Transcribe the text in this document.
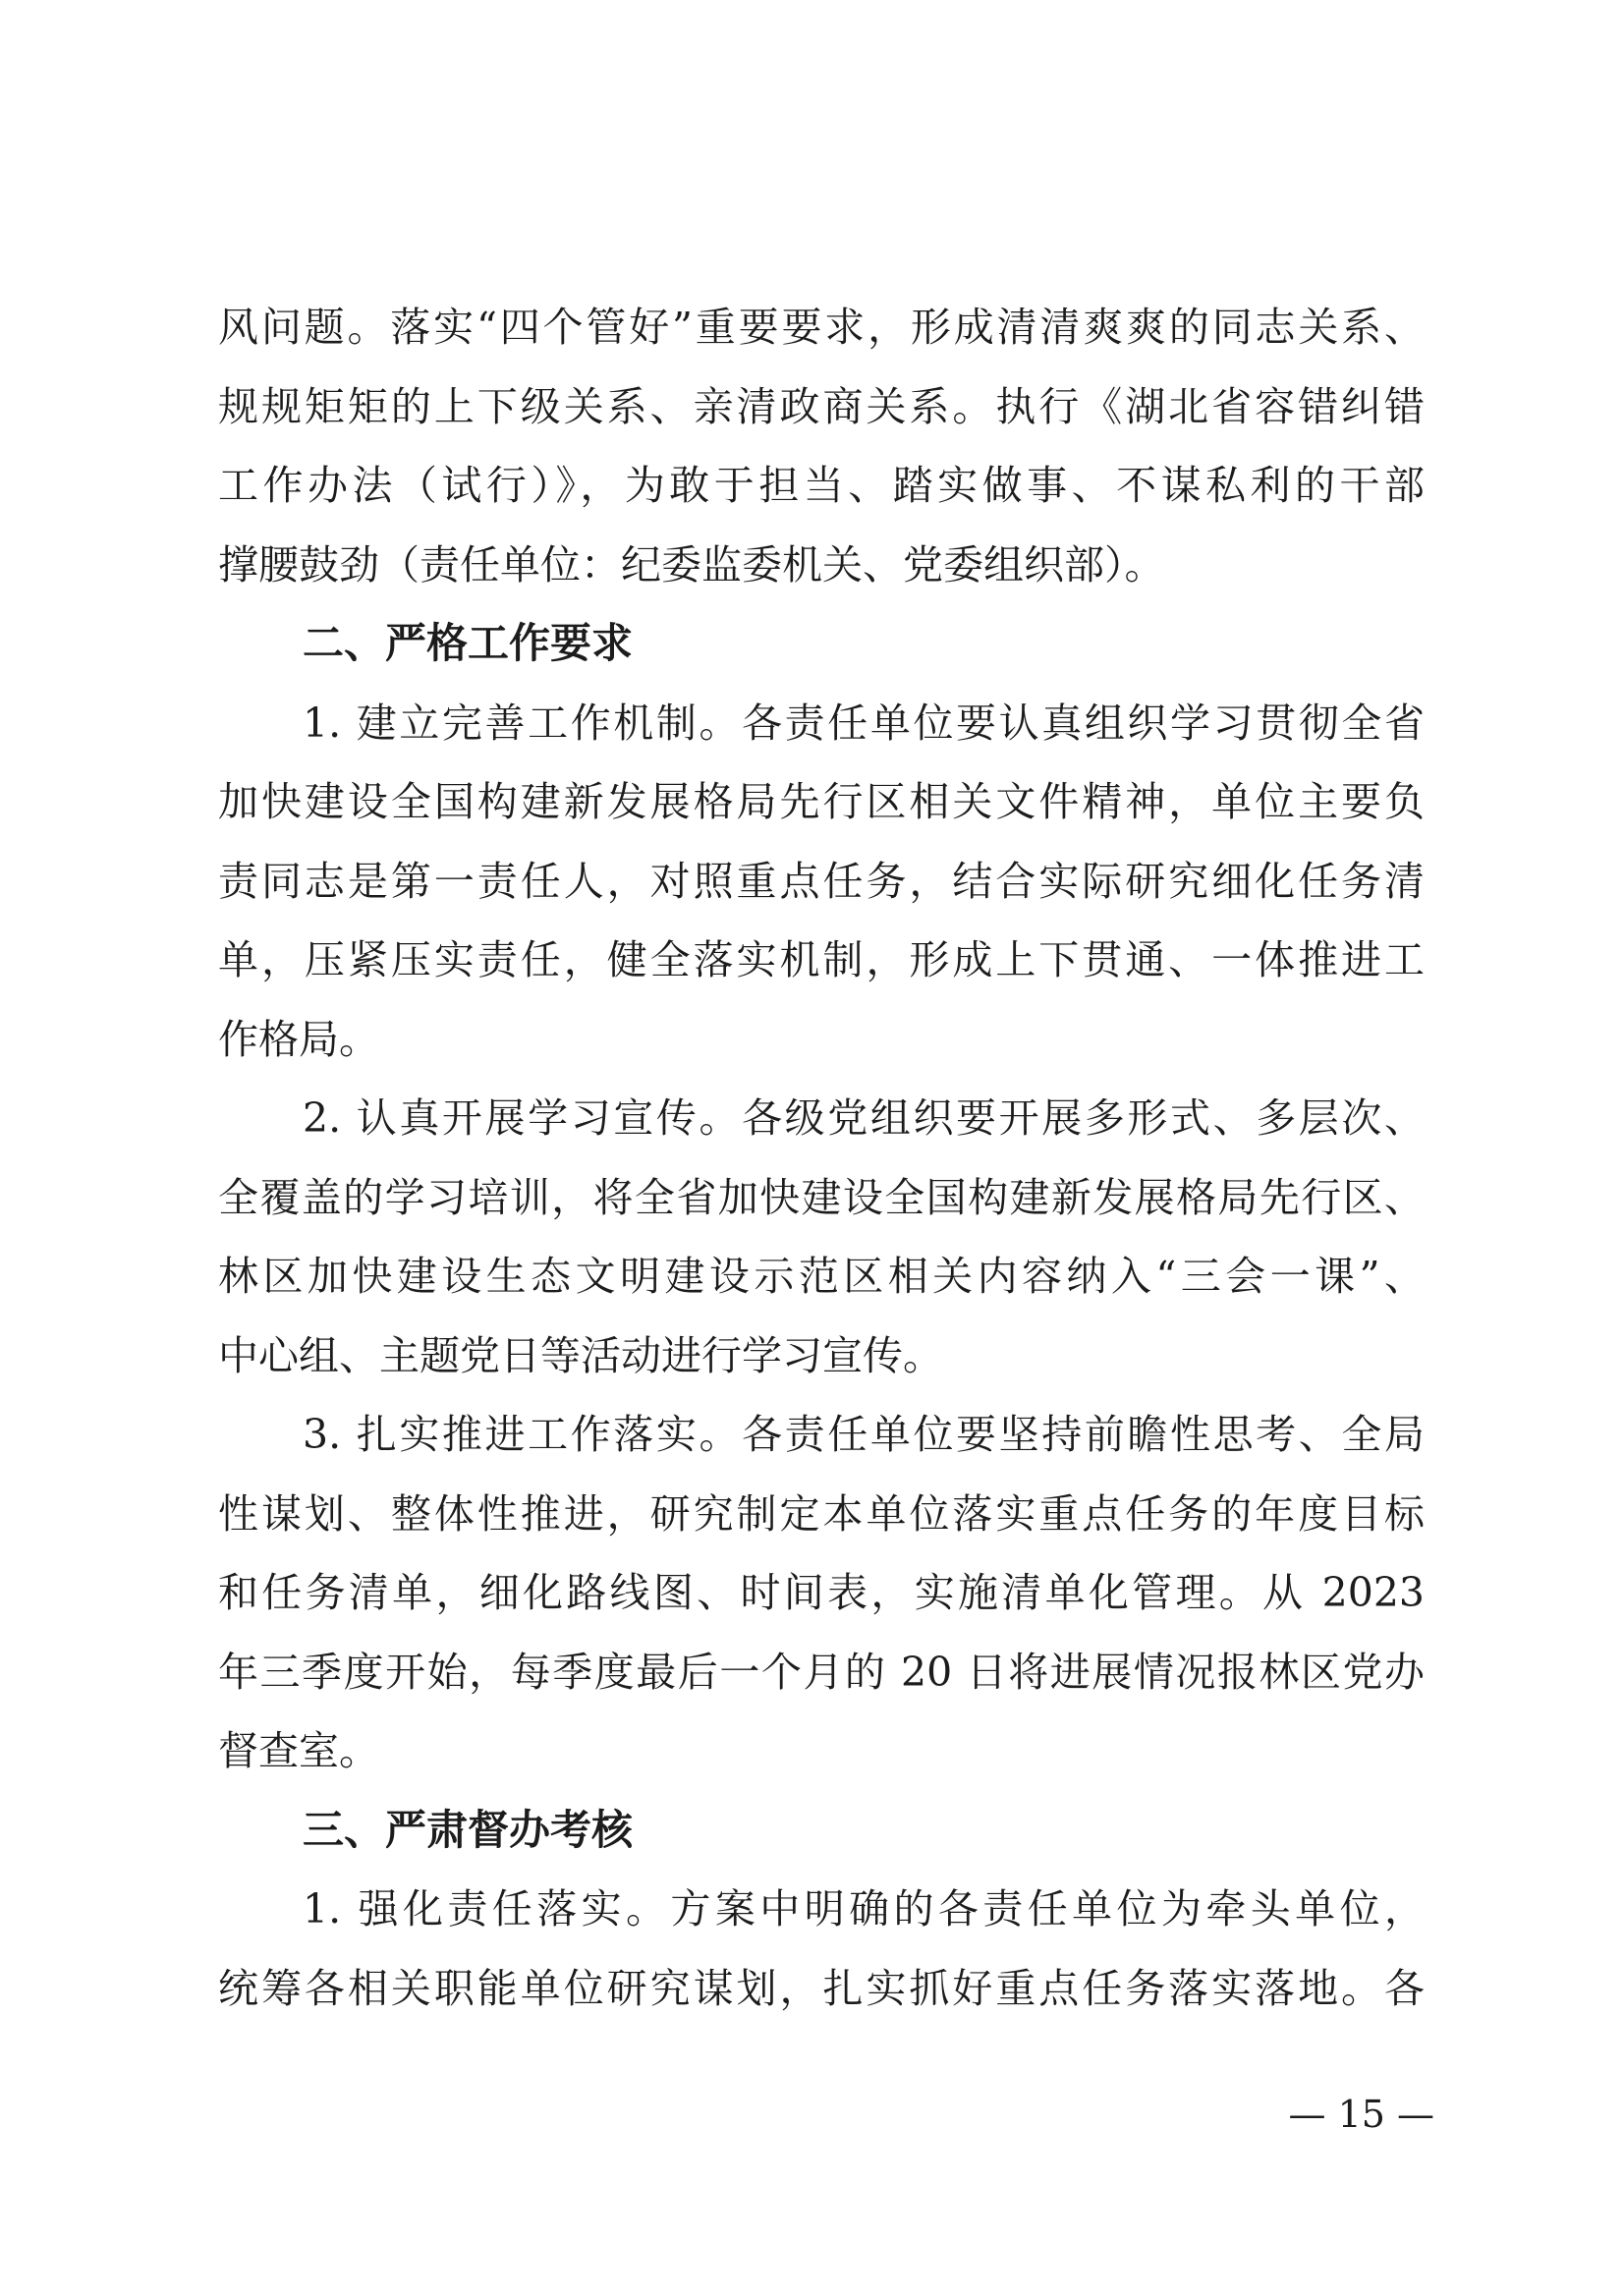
风问题。落实“四个管好”重要要求，形成清清爽爽的同志关系、
规规矩矩的上下级关系、亲清政商关系。执行《湖北省容错纠错
工作办法（试行）》，为敢于担当、踏实做事、不谋私利的干部
撑腰鼓劲（责任单位：纪委监委机关、党委组织部）。
二、严格工作要求
1. 建立完善工作机制。各责任单位要认真组织学习贯彻全省
加快建设全国构建新发展格局先行区相关文件精神，单位主要负
责同志是第一责任人，对照重点任务，结合实际研究细化任务清
单，压紧压实责任，健全落实机制，形成上下贯通、一体推进工
作格局。
2. 认真开展学习宣传。各级党组织要开展多形式、多层次、
全覆盖的学习培训，将全省加快建设全国构建新发展格局先行区、
林区加快建设生态文明建设示范区相关内容纳入“三会一课”、
中心组、主题党日等活动进行学习宣传。
3. 扎实推进工作落实。各责任单位要坚持前瞻性思考、全局
性谋划、整体性推进，研究制定本单位落实重点任务的年度目标
和任务清单，细化路线图、时间表，实施清单化管理。从 2023
年三季度开始，每季度最后一个月的 20 日将进展情况报林区党办
督查室。
三、严肃督办考核
1. 强化责任落实。方案中明确的各责任单位为牵头单位，
统筹各相关职能单位研究谋划，扎实抓好重点任务落实落地。各
— 15 —
